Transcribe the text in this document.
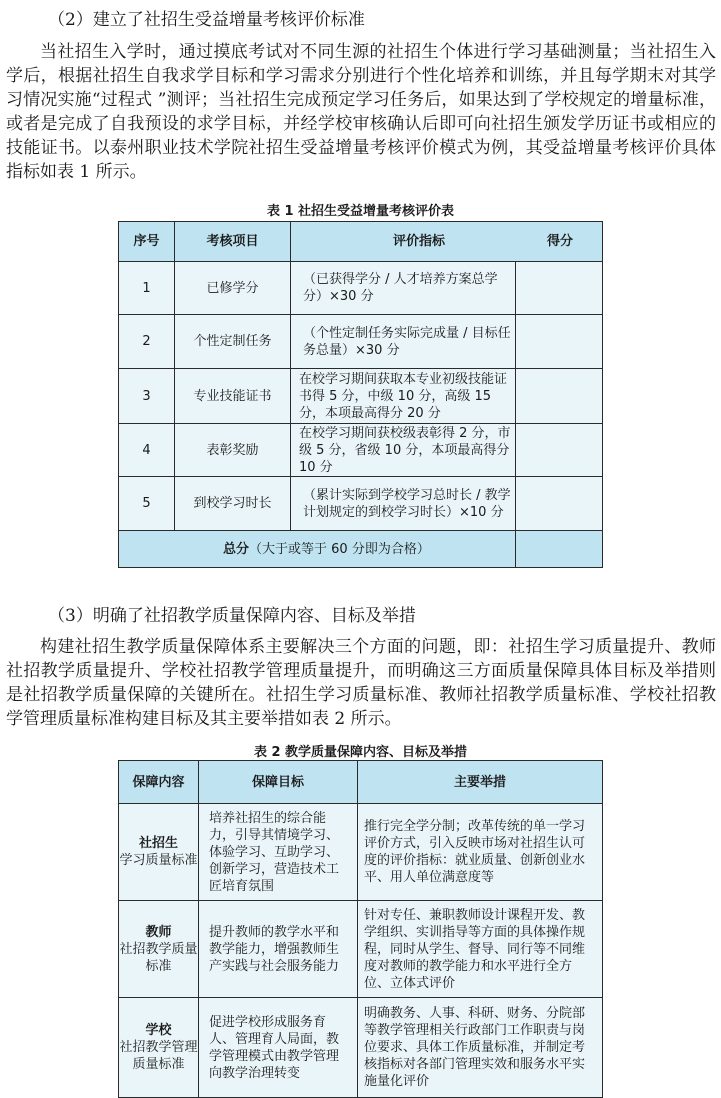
（2）建立了社招生受益增量考核评价标准

当社招生入学时，通过摸底考试对不同生源的社招生个体进行学习基础测量；当社招生入学后，根据社招生自我求学目标和学习需求分别进行个性化培养和训练，并且每学期末对其学习情况实施“过程式 ”测评；当社招生完成预定学习任务后，如果达到了学校规定的增量标准，或者是完成了自我预设的求学目标，并经学校审核确认后即可向社招生颁发学历证书或相应的技能证书。以泰州职业技术学院社招生受益增量考核评价模式为例，其受益增量考核评价具体指标如表 1 所示。

表 1 社招生受益增量考核评价表
序号	考核项目	评价指标 得分	

1	已修学分	（已获得学分 / 人才培养方案总学分）×30 分	
2	个性定制任务	（个性定制任务实际完成量 / 目标任务总量）×30 分	
3	专业技能证书	在校学习期间获取本专业初级技能证书得 5 分，中级 10 分，高级 15 分，本项最高得分 20 分	
4	表彰奖励	在校学习期间获校级表彰得 2 分，市级 5 分，省级 10 分，本项最高得分 10 分	
5	到校学习时长	（累计实际到学校学习总时长 / 教学计划规定的到校学习时长）×10 分	
总分（大于或等于 60 分即为合格）			
（3）明确了社招教学质量保障内容、目标及举措

构建社招生教学质量保障体系主要解决三个方面的问题，即：社招生学习质量提升、教师社招教学质量提升、学校社招教学管理质量提升，而明确这三方面质量保障具体目标及举措则是社招教学质量保障的关键所在。社招生学习质量标准、教师社招教学质量标准、学校社招教学管理质量标准构建目标及其主要举措如表 2 所示。

表 2 教学质量保障内容、目标及举措
保障内容	保障目标	主要举措

社招生
学习质量标准	培养社招生的综合能力，引导其情境学习、体验学习、互助学习、创新学习，营造技术工匠培育氛围	推行完全学分制；改革传统的单一学习评价方式，引入反映市场对社招生认可度的评价指标：就业质量、创新创业水平、用人单位满意度等

教师
社招教学质量标准	提升教师的教学水平和教学能力，增强教师生产实践与社会服务能力	针对专任、兼职教师设计课程开发、教学组织、实训指导等方面的具体操作规程，同时从学生、督导、同行等不同维度对教师的教学能力和水平进行全方位、立体式评价

学校
社招教学管理质量标准	促进学校形成服务育人、管理育人局面，教学管理模式由教学管理向教学治理转变	明确教务、人事、科研、财务、分院部等教学管理相关行政部门工作职责与岗位要求、具体工作质量标准，并制定考核指标对各部门管理实效和服务水平实施量化评价
